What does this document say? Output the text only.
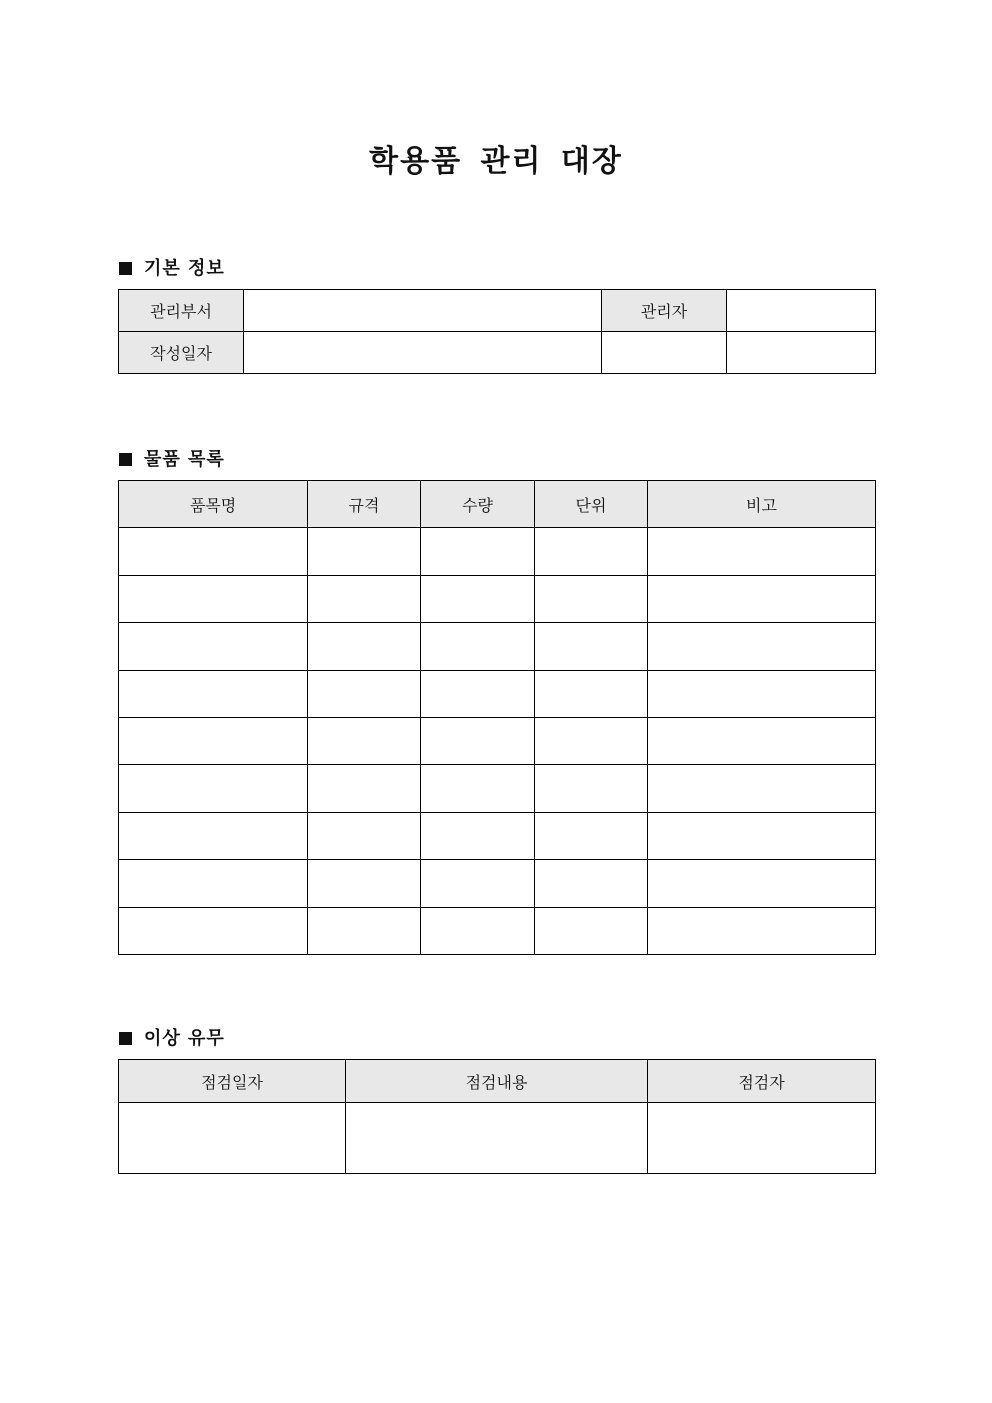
학용품 관리 대장
기본 정보
관리부서		관리자	
작성일자			
물품 목록
품목명	규격	수량	단위	비고

이상 유무
점검일자	점검내용	점검자
